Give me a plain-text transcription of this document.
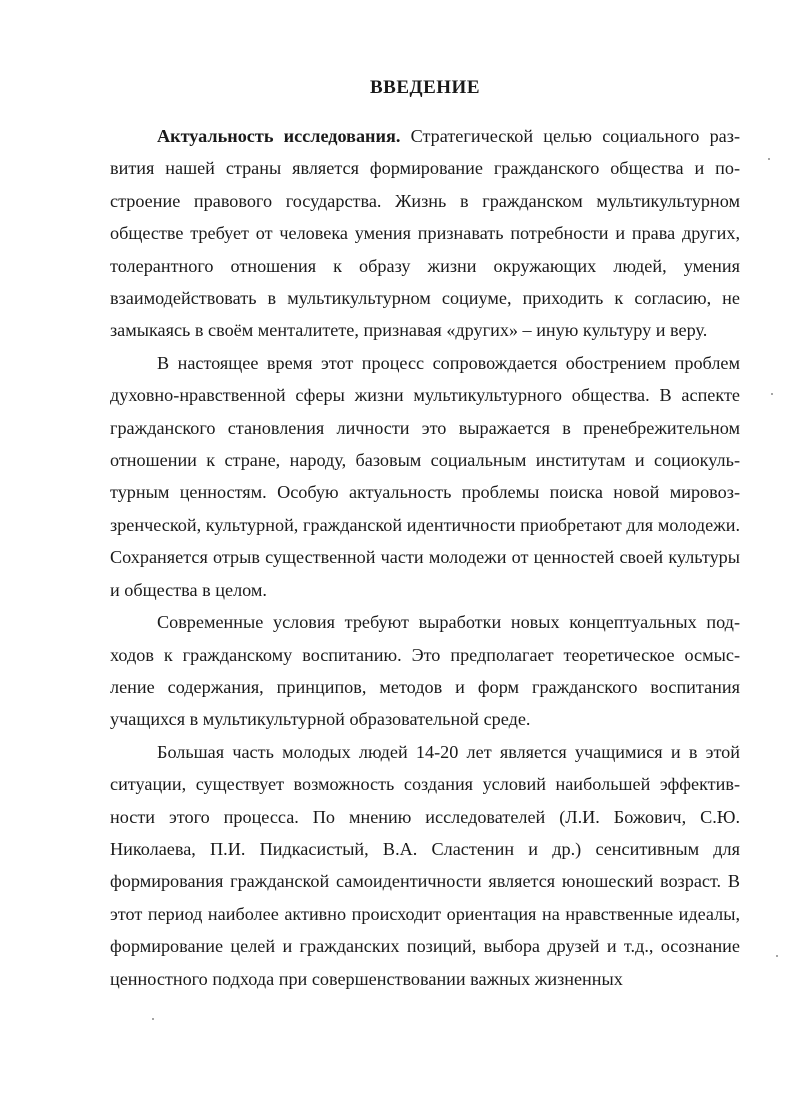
ВВЕДЕНИЕ

Актуальность исследования. Стратегической целью социального развития нашей страны является формирование гражданского общества и построение правового государства. Жизнь в гражданском мультикультурном обществе требует от человека умения признавать потребности и права других, толерантного отношения к образу жизни окружающих людей, умения взаимодействовать в мультикультурном социуме, приходить к согласию, не замыкаясь в своём менталитете, признавая «других» – иную культуру и веру.

В настоящее время этот процесс сопровождается обострением проблем духовно-нравственной сферы жизни мультикультурного общества. В аспекте гражданского становления личности это выражается в пренебрежительном отношении к стране, народу, базовым социальным институтам и социокультурным ценностям. Особую актуальность проблемы поиска новой мировоззренческой, культурной, гражданской идентичности приобретают для молодежи. Сохраняется отрыв существенной части молодежи от ценностей своей культуры и общества в целом.

Современные условия требуют выработки новых концептуальных подходов к гражданскому воспитанию. Это предполагает теоретическое осмысление содержания, принципов, методов и форм гражданского воспитания учащихся в мультикультурной образовательной среде.

Большая часть молодых людей 14-20 лет является учащимися и в этой ситуации, существует возможность создания условий наибольшей эффективности этого процесса. По мнению исследователей (Л.И. Божович, С.Ю. Николаева, П.И. Пидкасистый, В.А. Сластенин и др.) сенситивным для формирования гражданской самоидентичности является юношеский возраст. В этот период наиболее активно происходит ориентация на нравственные идеалы, формирование целей и гражданских позиций, выбора друзей и т.д., осознание ценностного подхода при совершенствовании важных жизненных
